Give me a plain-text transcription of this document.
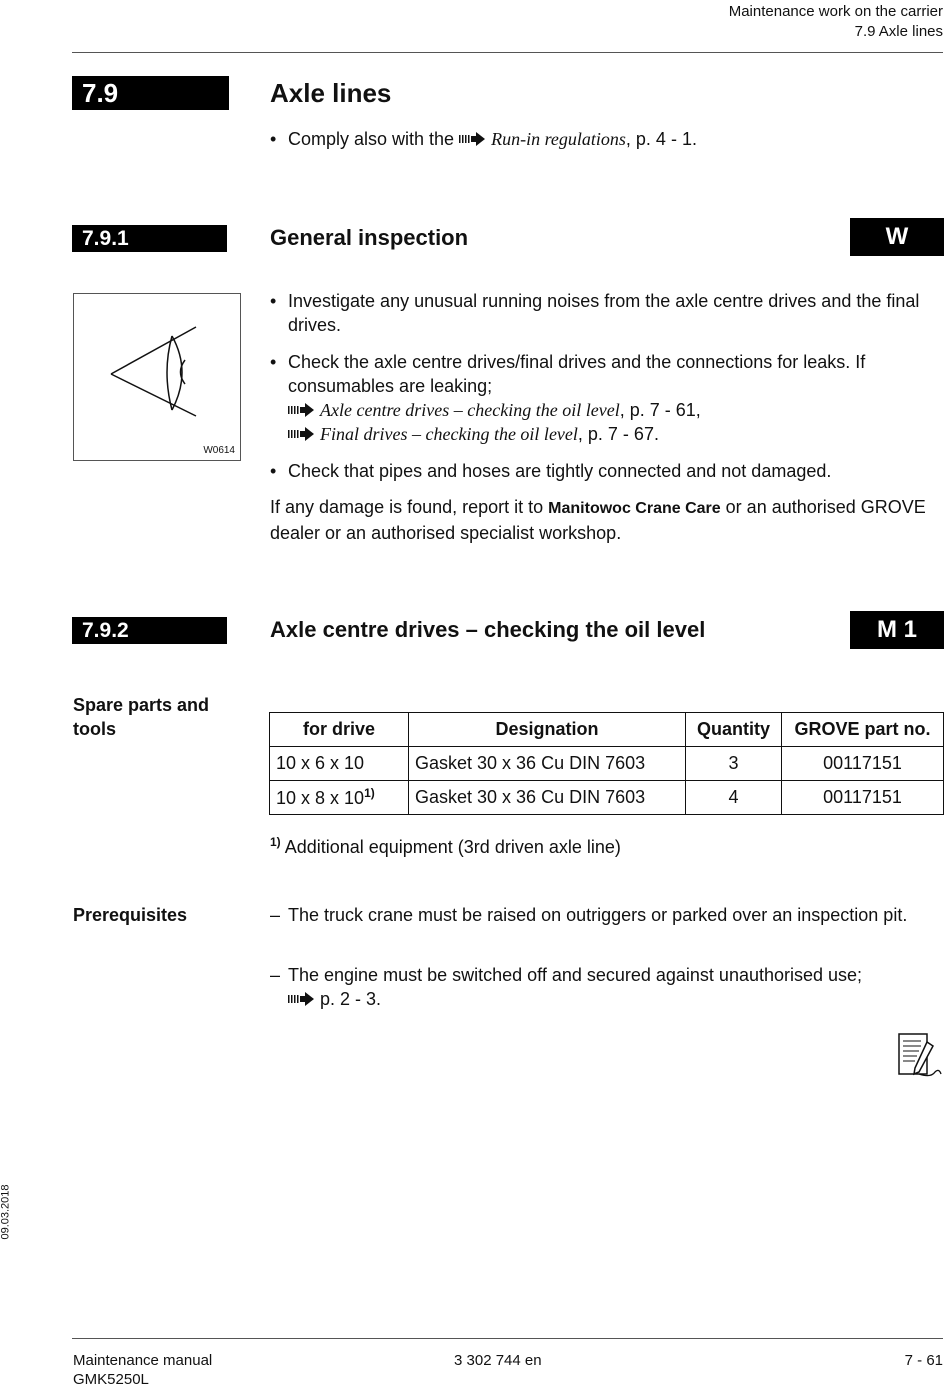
Maintenance work on the carrier
7.9 Axle lines
7.9	Axle lines
• Comply also with the Run-in regulations, p. 4 - 1.
7.9.1	General inspection	W
W0614
• Investigate any unusual running noises from the axle centre drives and the final drives.
• Check the axle centre drives/final drives and the connections for leaks. If consumables are leaking;
Axle centre drives – checking the oil level, p. 7 - 61,
Final drives – checking the oil level, p. 7 - 67.
• Check that pipes and hoses are tightly connected and not damaged.
If any damage is found, report it to Manitowoc Crane Care or an authorised GROVE dealer or an authorised specialist workshop.
7.9.2	Axle centre drives – checking the oil level	M 1
Spare parts and tools	for drive	Designation	Quantity	GROVE part no.
10 x 6 x 10	Gasket 30 x 36 Cu DIN 7603	3	00117151
10 x 8 x 10$^{1)}$	Gasket 30 x 36 Cu DIN 7603	4	00117151
$^{1)}$ Additional equipment (3rd driven axle line)
Prerequisites	– The truck crane must be raised on outriggers or parked over an inspection pit.
– The engine must be switched off and secured against unauthorised use;
p. 2 - 3.
09.03.2018
Maintenance manual
GMK5250L
3 302 744 en	7 - 61
